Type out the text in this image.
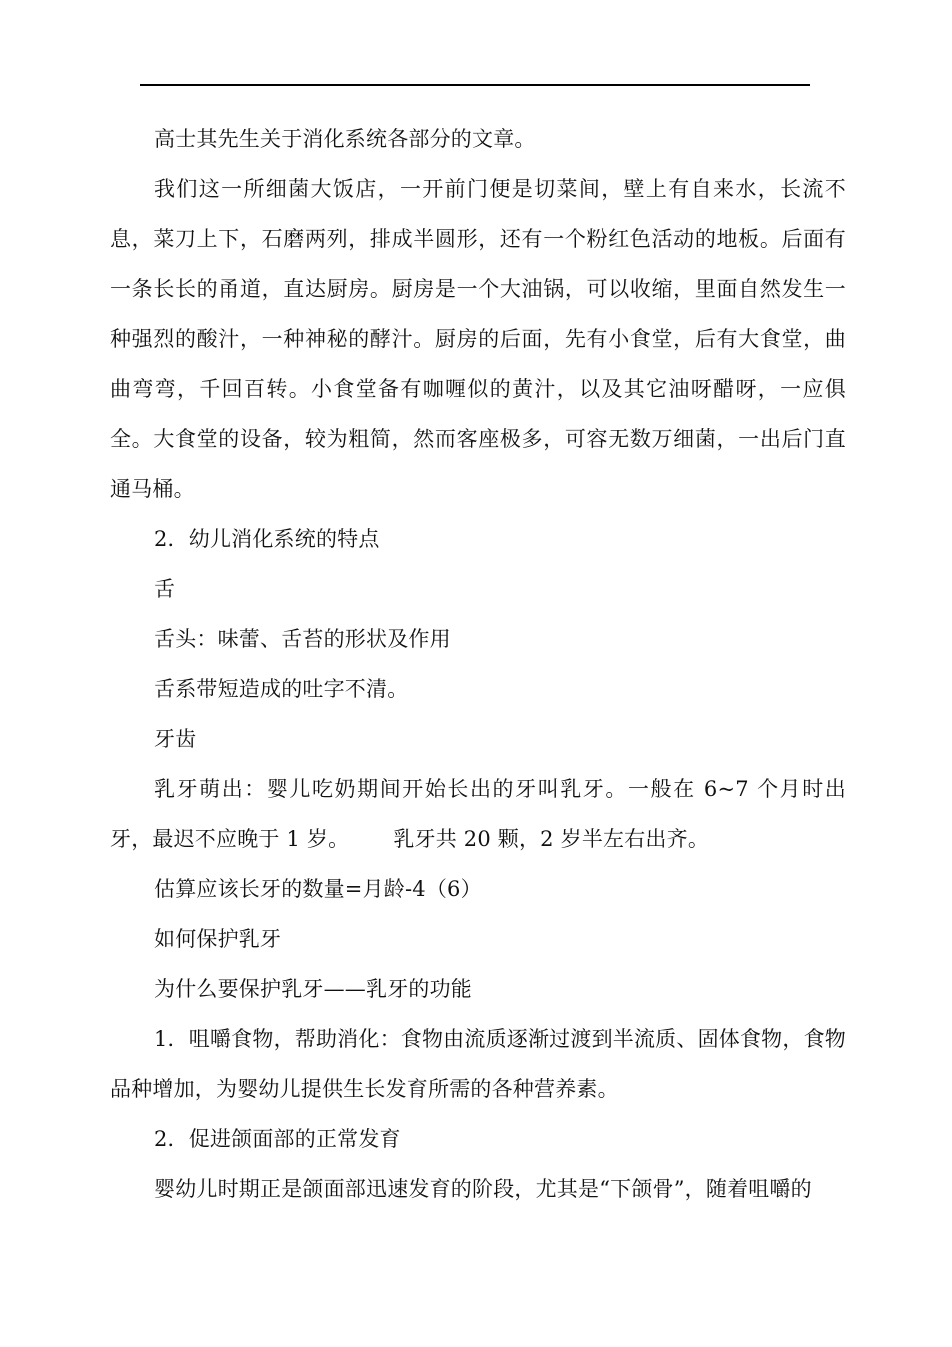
高士其先生关于消化系统各部分的文章。

我们这一所细菌大饭店，一开前门便是切菜间，壁上有自来水，长流不息，菜刀上下，石磨两列，排成半圆形，还有一个粉红色活动的地板。后面有一条长长的甬道，直达厨房。厨房是一个大油锅，可以收缩，里面自然发生一种强烈的酸汁，一种神秘的酵汁。厨房的后面，先有小食堂，后有大食堂，曲曲弯弯，千回百转。小食堂备有咖喱似的黄汁，以及其它油呀醋呀，一应俱全。大食堂的设备，较为粗简，然而客座极多，可容无数万细菌，一出后门直通马桶。

2．幼儿消化系统的特点

舌

舌头：味蕾、舌苔的形状及作用

舌系带短造成的吐字不清。

牙齿

乳牙萌出：婴儿吃奶期间开始长出的牙叫乳牙。一般在 6~7 个月时出牙，最迟不应晚于 1 岁。 乳牙共 20 颗，2 岁半左右出齐。

估算应该长牙的数量=月龄-4（6）

如何保护乳牙

为什么要保护乳牙——乳牙的功能

1．咀嚼食物，帮助消化：食物由流质逐渐过渡到半流质、固体食物，食物品种增加，为婴幼儿提供生长发育所需的各种营养素。

2．促进颌面部的正常发育

婴幼儿时期正是颌面部迅速发育的阶段，尤其是“下颌骨”，随着咀嚼的
